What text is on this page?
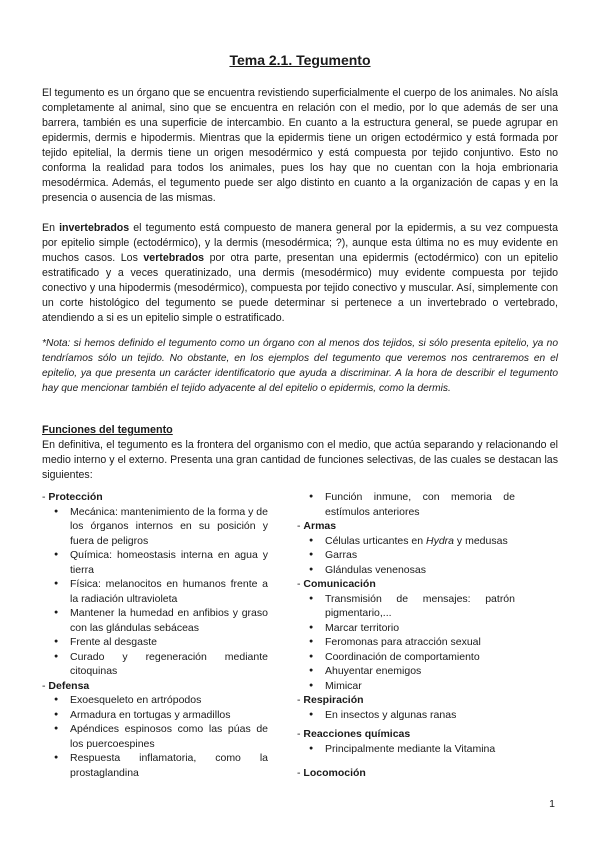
Tema 2.1. Tegumento

El tegumento es un órgano que se encuentra revistiendo superficialmente el cuerpo de los animales. No aísla completamente al animal, sino que se encuentra en relación con el medio, por lo que además de ser una barrera, también es una superficie de intercambio. En cuanto a la estructura general, se puede agrupar en epidermis, dermis e hipodermis. Mientras que la epidermis tiene un origen ectodérmico y está formada por tejido epitelial, la dermis tiene un origen mesodérmico y está compuesta por tejido conjuntivo. Esto no conforma la realidad para todos los animales, pues los hay que no cuentan con la hoja embrionaria mesodérmica. Además, el tegumento puede ser algo distinto en cuanto a la organización de capas y en la presencia o ausencia de las mismas.

En invertebrados el tegumento está compuesto de manera general por la epidermis, a su vez compuesta por epitelio simple (ectodérmico), y la dermis (mesodérmica; ?), aunque esta última no es muy evidente en muchos casos. Los vertebrados por otra parte, presentan una epidermis (ectodérmico) con un epitelio estratificado y a veces queratinizado, una dermis (mesodérmico) muy evidente compuesta por tejido conectivo y una hipodermis (mesodérmico), compuesta por tejido conectivo y muscular. Así, simplemente con un corte histológico del tegumento se puede determinar si pertenece a un invertebrado o vertebrado, atendiendo a si es un epitelio simple o estratificado.

*Nota: si hemos definido el tegumento como un órgano con al menos dos tejidos, si sólo presenta epitelio, ya no tendríamos sólo un tejido. No obstante, en los ejemplos del tegumento que veremos nos centraremos en el epitelio, ya que presenta un carácter identificatorio que ayuda a discriminar. A la hora de describir el tegumento hay que mencionar también el tejido adyacente al del epitelio o epidermis, como la dermis.

Funciones del tegumento

En definitiva, el tegumento es la frontera del organismo con el medio, que actúa separando y relacionando el medio interno y el externo. Presenta una gran cantidad de funciones selectivas, de las cuales se destacan las siguientes:

- Protección

● Mecánica: mantenimiento de la forma y de los órganos internos en su posición y fuera de peligros
● Química: homeostasis interna en agua y tierra
● Física: melanocitos en humanos frente a la radiación ultravioleta
● Mantener la humedad en anfibios y graso con las glándulas sebáceas
● Frente al desgaste
● Curado y regeneración mediante citoquinas

- Defensa

● Exoesqueleto en artrópodos
● Armadura en tortugas y armadillos
● Apéndices espinosos como las púas de los puercoespines
● Respuesta inflamatoria, como la prostaglandina
● Función inmune, con memoria de estímulos anteriores

- Armas

● Células urticantes en Hydra y medusas
● Garras
● Glándulas venenosas

- Comunicación

● Transmisión de mensajes: patrón pigmentario,...
● Marcar territorio
● Feromonas para atracción sexual
● Coordinación de comportamiento
● Ahuyentar enemigos
● Mimicar

- Respiración

● En insectos y algunas ranas

- Reacciones químicas

● Principalmente mediante la Vitamina

- Locomoción

1
